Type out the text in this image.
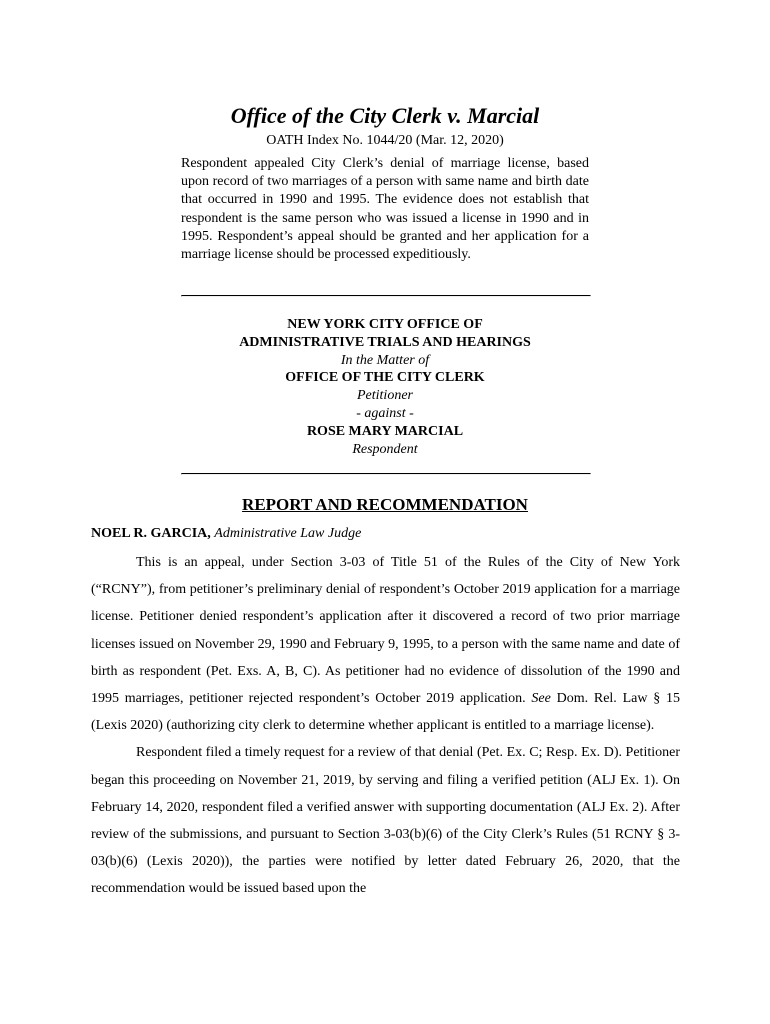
Office of the City Clerk v. Marcial
OATH Index No. 1044/20 (Mar. 12, 2020)

Respondent appealed City Clerk’s denial of marriage license, based upon record of two marriages of a person with same name and birth date that occurred in 1990 and 1995. The evidence does not establish that respondent is the same person who was issued a license in 1990 and in 1995. Respondent’s appeal should be granted and her application for a marriage license should be processed expeditiously.

NEW YORK CITY OFFICE OF
ADMINISTRATIVE TRIALS AND HEARINGS
In the Matter of
OFFICE OF THE CITY CLERK
Petitioner
- against -
ROSE MARY MARCIAL
Respondent
REPORT AND RECOMMENDATION

NOEL R. GARCIA, Administrative Law Judge

This is an appeal, under Section 3-03 of Title 51 of the Rules of the City of New York (“RCNY”), from petitioner’s preliminary denial of respondent’s October 2019 application for a marriage license. Petitioner denied respondent’s application after it discovered a record of two prior marriage licenses issued on November 29, 1990 and February 9, 1995, to a person with the same name and date of birth as respondent (Pet. Exs. A, B, C). As petitioner had no evidence of dissolution of the 1990 and 1995 marriages, petitioner rejected respondent’s October 2019 application. See Dom. Rel. Law § 15 (Lexis 2020) (authorizing city clerk to determine whether applicant is entitled to a marriage license).

Respondent filed a timely request for a review of that denial (Pet. Ex. C; Resp. Ex. D). Petitioner began this proceeding on November 21, 2019, by serving and filing a verified petition (ALJ Ex. 1). On February 14, 2020, respondent filed a verified answer with supporting documentation (ALJ Ex. 2). After review of the submissions, and pursuant to Section 3-03(b)(6) of the City Clerk’s Rules (51 RCNY § 3-03(b)(6) (Lexis 2020)), the parties were notified by letter dated February 26, 2020, that the recommendation would be issued based upon the
